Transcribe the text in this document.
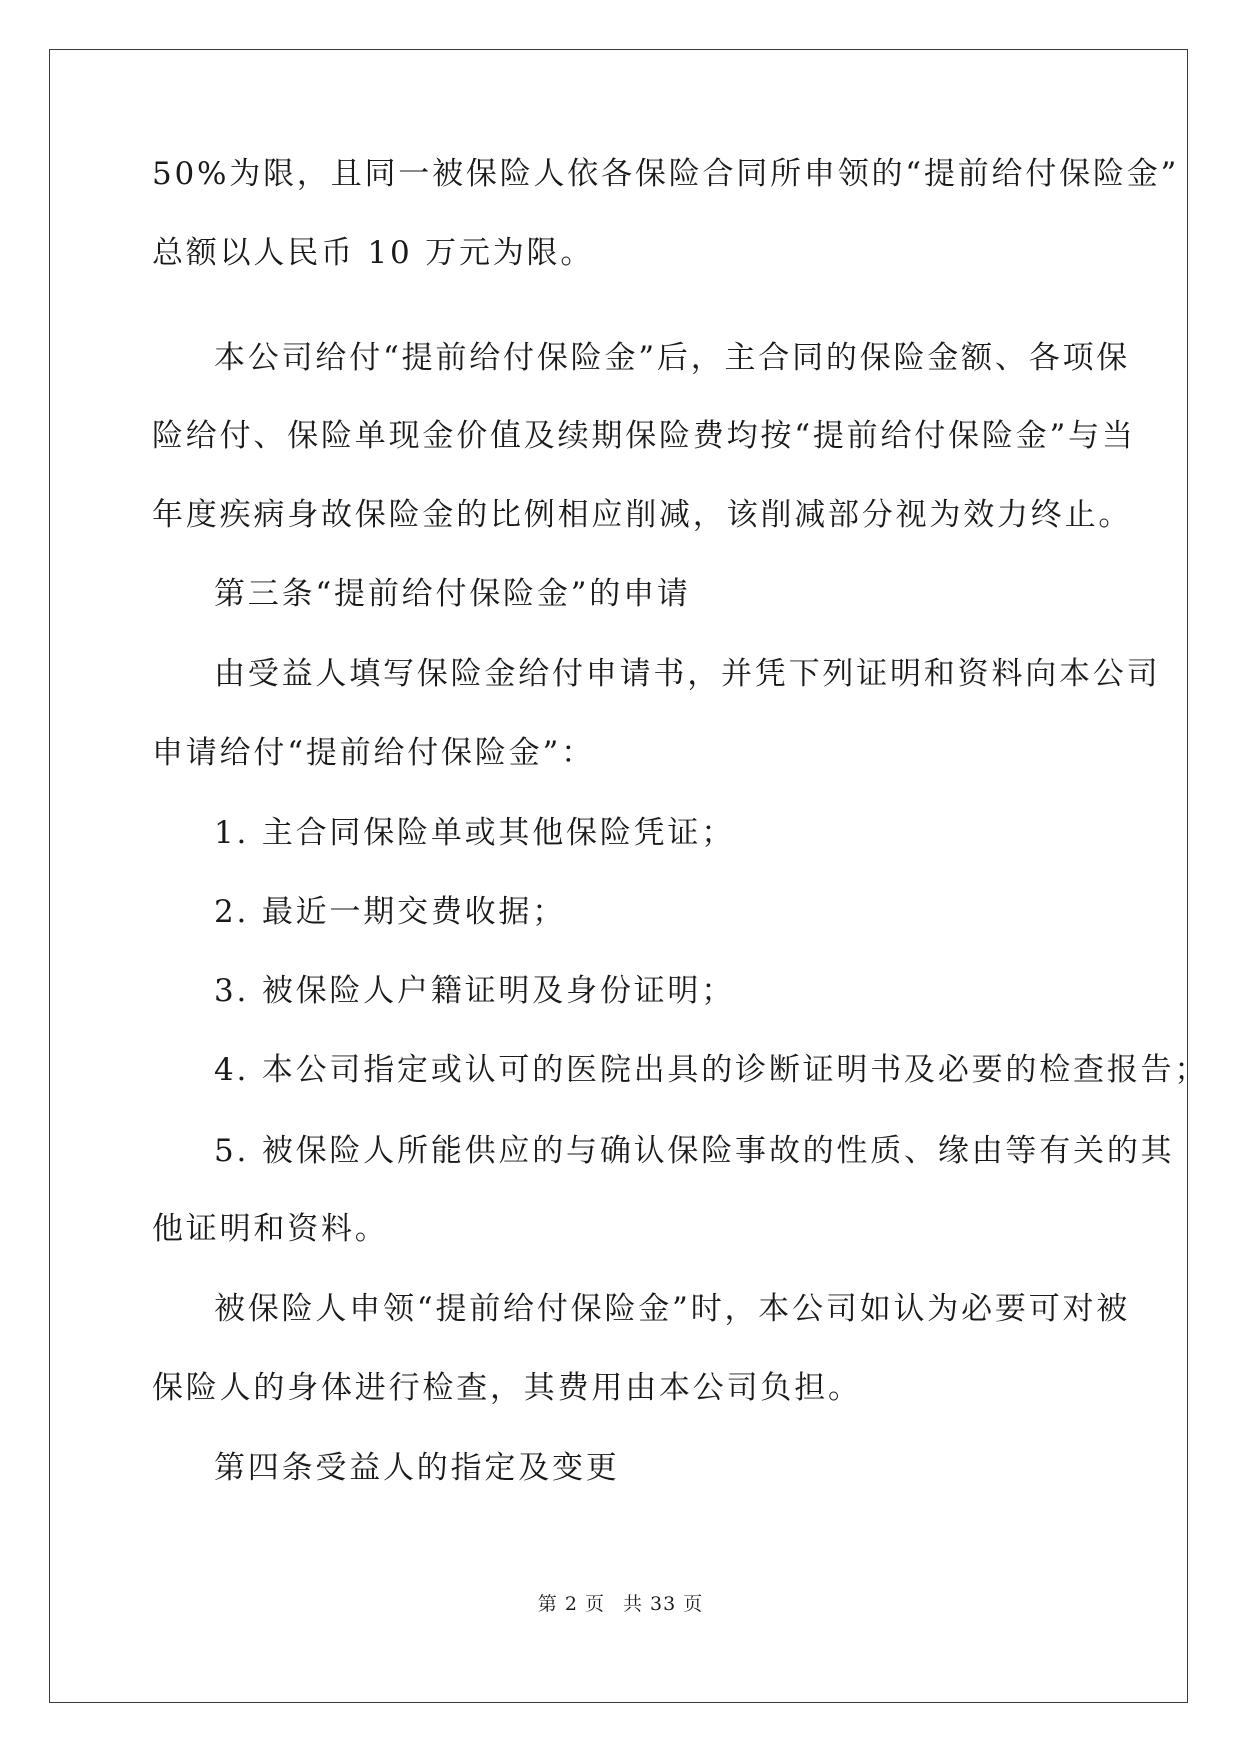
50%为限，且同一被保险人依各保险合同所申领的“提前给付保险金”
总额以人民币 10 万元为限。
本公司给付“提前给付保险金”后，主合同的保险金额、各项保
险给付、保险单现金价值及续期保险费均按“提前给付保险金”与当
年度疾病身故保险金的比例相应削减，该削减部分视为效力终止。
第三条“提前给付保险金”的申请
由受益人填写保险金给付申请书，并凭下列证明和资料向本公司
申请给付“提前给付保险金”：
1. 主合同保险单或其他保险凭证；
2. 最近一期交费收据；
3. 被保险人户籍证明及身份证明；
4. 本公司指定或认可的医院出具的诊断证明书及必要的检查报告；
5. 被保险人所能供应的与确认保险事故的性质、缘由等有关的其
他证明和资料。
被保险人申领“提前给付保险金”时，本公司如认为必要可对被
保险人的身体进行检查，其费用由本公司负担。
第四条受益人的指定及变更
第 2 页 共 33 页
